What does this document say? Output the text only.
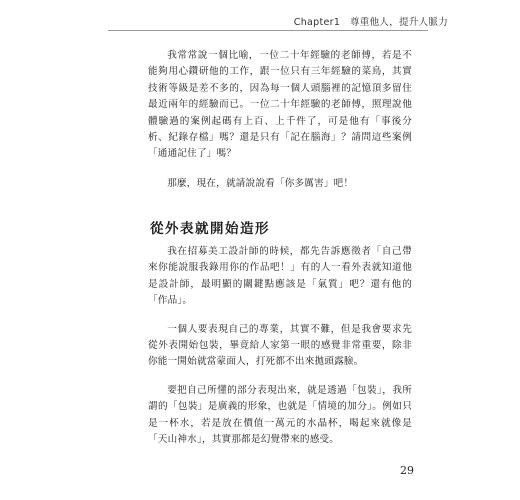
Chapter1　尊重他人，提升人脈力

我常常說一個比喻，一位二十年經驗的老師傅，若是不能夠用心鑽研他的工作，跟一位只有三年經驗的菜鳥，其實技術等級是差不多的，因為每一個人頭腦裡的記憶頂多留住最近兩年的經驗而已。一位二十年經驗的老師傅，照理說他體驗過的案例起碼有上百、上千件了，可是他有「事後分析、紀錄存檔」嗎？還是只有「記在腦海」？請問這些案例「通通記住了」嗎？

那麼，現在，就請說說看「你多厲害」吧！

從外表就開始造形

我在招募美工設計師的時候，都先告訴應徵者「自己帶來你能說服我錄用你的作品吧！」有的人一看外表就知道他是設計師，最明顯的關鍵點應該是「氣質」吧？還有他的「作品」。

一個人要表現自己的專業，其實不難，但是我會要求先從外表開始包裝，畢竟給人家第一眼的感覺非常重要，除非你能一開始就當蒙面人，打死都不出來拋頭露臉。

要把自己所懂的部分表現出來，就是透過「包裝」，我所謂的「包裝」是廣義的形象，也就是「情境的加分」。例如只是一杯水，若是放在價值一萬元的水晶杯，喝起來就像是「天山神水」，其實那都是幻覺帶來的感受。

29
